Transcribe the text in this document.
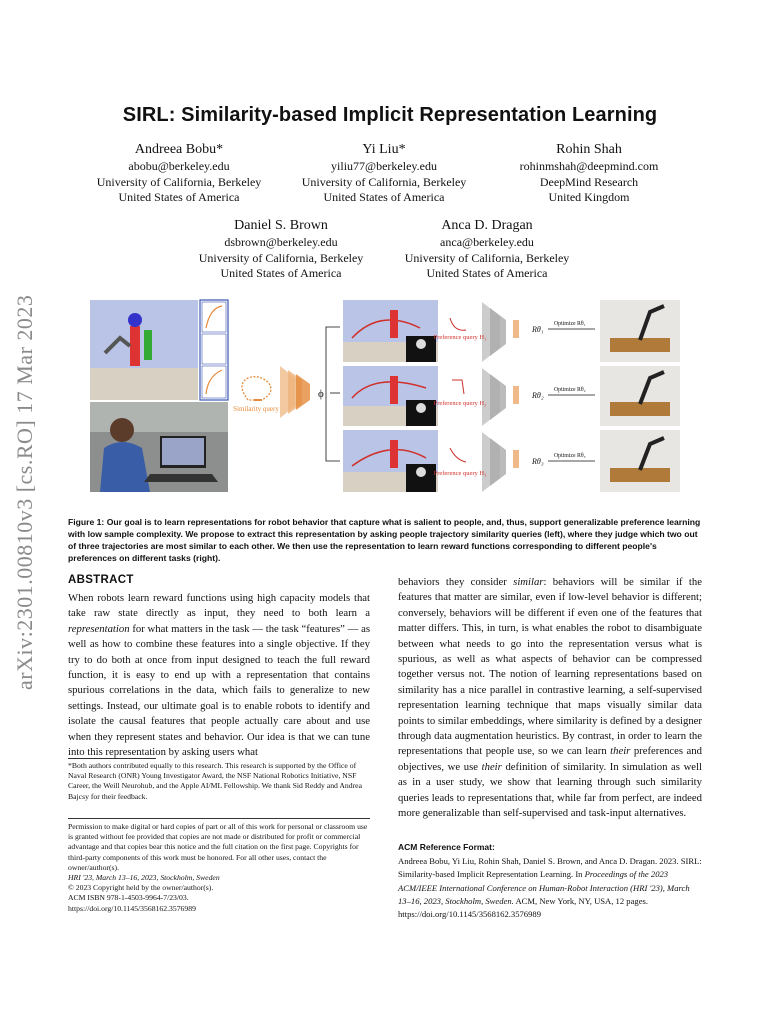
arXiv:2301.00810v3 [cs.RO] 17 Mar 2023
SIRL: Similarity-based Implicit Representation Learning
Andreea Bobu*
abobu@berkeley.edu
University of California, Berkeley
United States of America
Yi Liu*
yiliu77@berkeley.edu
University of California, Berkeley
United States of America
Rohin Shah
rohinmshah@deepmind.com
DeepMind Research
United Kingdom
Daniel S. Brown
dsbrown@berkeley.edu
University of California, Berkeley
United States of America
Anca D. Dragan
anca@berkeley.edu
University of California, Berkeley
United States of America
Similarity query
ϕ
Preference query H₁
Preference query H₂
Preference query H₃
Rθ₁
Rθ₂
Rθ₃
Optimize Rθ₁
Optimize Rθ₂
Optimize Rθ₃
Figure 1: Our goal is to learn representations for robot behavior that capture what is salient to people, and, thus, support generalizable preference learning with low sample complexity. We propose to extract this representation by asking people trajectory similarity queries (left), where they judge which two out of three trajectories are most similar to each other. We then use the representation to learn reward functions corresponding to different people's preferences on different tasks (right).
ABSTRACT
When robots learn reward functions using high capacity models that take raw state directly as input, they need to both learn a representation for what matters in the task — the task “features” — as well as how to combine these features into a single objective. If they try to do both at once from input designed to teach the full reward function, it is easy to end up with a representation that contains spurious correlations in the data, which fails to generalize to new settings. Instead, our ultimate goal is to enable robots to identify and isolate the causal features that people actually care about and use when they represent states and behavior. Our idea is that we can tune into this representation by asking users what
*Both authors contributed equally to this research. This research is supported by the Office of Naval Research (ONR) Young Investigator Award, the NSF National Robotics Initiative, NSF Career, the Weill Neurohub, and the Apple AI/ML Fellowship. We thank Sid Reddy and Andrea Bajcsy for their feedback.
Permission to make digital or hard copies of part or all of this work for personal or classroom use is granted without fee provided that copies are not made or distributed for profit or commercial advantage and that copies bear this notice and the full citation on the first page. Copyrights for third-party components of this work must be honored. For all other uses, contact the owner/author(s).
HRI '23, March 13–16, 2023, Stockholm, Sweden
© 2023 Copyright held by the owner/author(s).
ACM ISBN 978-1-4503-9964-7/23/03.
https://doi.org/10.1145/3568162.3576989
behaviors they consider similar: behaviors will be similar if the features that matter are similar, even if low-level behavior is different; conversely, behaviors will be different if even one of the features that matter differs. This, in turn, is what enables the robot to disambiguate between what needs to go into the representation versus what is spurious, as well as what aspects of behavior can be compressed together versus not. The notion of learning representations based on similarity has a nice parallel in contrastive learning, a self-supervised representation learning technique that maps visually similar data points to similar embeddings, where similarity is defined by a designer through data augmentation heuristics. By contrast, in order to learn the representations that people use, so we can learn their preferences and objectives, we use their definition of similarity. In simulation as well as in a user study, we show that learning through such similarity queries leads to representations that, while far from perfect, are indeed more generalizable than self-supervised and task-input alternatives.
ACM Reference Format:
Andreea Bobu, Yi Liu, Rohin Shah, Daniel S. Brown, and Anca D. Dragan. 2023. SIRL: Similarity-based Implicit Representation Learning. In Proceedings of the 2023 ACM/IEEE International Conference on Human-Robot Interaction (HRI '23), March 13–16, 2023, Stockholm, Sweden. ACM, New York, NY, USA, 12 pages. https://doi.org/10.1145/3568162.3576989
